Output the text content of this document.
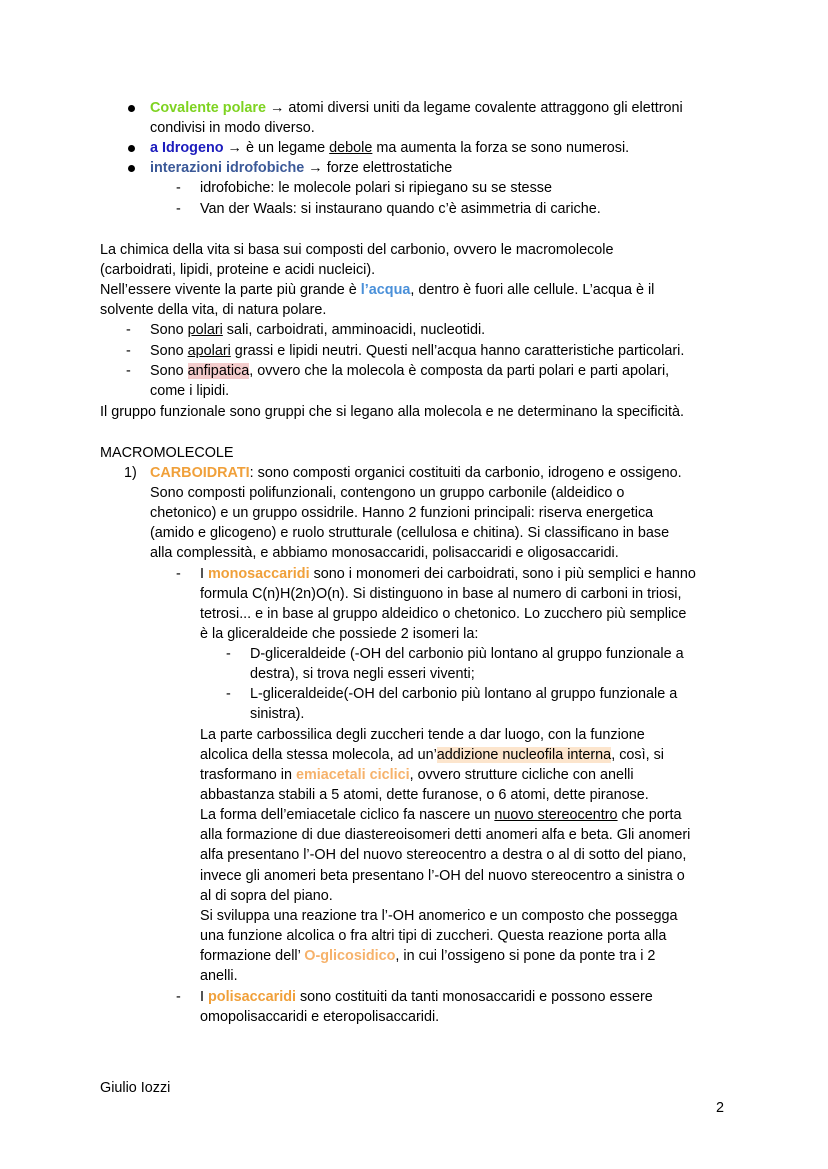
Covalente polare → atomi diversi uniti da legame covalente attraggono gli elettroni
condivisi in modo diverso.
a Idrogeno → è un legame debole ma aumenta la forza se sono numerosi.
interazioni idrofobiche → forze elettrostatiche
- idrofobiche: le molecole polari si ripiegano su se stesse
- Van der Waals: si instaurano quando c’è asimmetria di cariche.
La chimica della vita si basa sui composti del carbonio, ovvero le macromolecole
(carboidrati, lipidi, proteine e acidi nucleici).
Nell’essere vivente la parte più grande è l’acqua, dentro è fuori alle cellule. L’acqua è il
solvente della vita, di natura polare.
- Sono polari sali, carboidrati, amminoacidi, nucleotidi.
- Sono apolari grassi e lipidi neutri. Questi nell’acqua hanno caratteristiche particolari.
- Sono anfipatica, ovvero che la molecola è composta da parti polari e parti apolari,
come i lipidi.
Il gruppo funzionale sono gruppi che si legano alla molecola e ne determinano la specificità.
MACROMOLECOLE
1) CARBOIDRATI: sono composti organici costituiti da carbonio, idrogeno e ossigeno.
Sono composti polifunzionali, contengono un gruppo carbonile (aldeidico o
chetonico) e un gruppo ossidrile. Hanno 2 funzioni principali: riserva energetica
(amido e glicogeno) e ruolo strutturale (cellulosa e chitina). Si classificano in base
alla complessità, e abbiamo monosaccaridi, polisaccaridi e oligosaccaridi.
- I monosaccaridi sono i monomeri dei carboidrati, sono i più semplici e hanno
formula C(n)H(2n)O(n). Si distinguono in base al numero di carboni in triosi,
tetrosi... e in base al gruppo aldeidico o chetonico. Lo zucchero più semplice
è la gliceraldeide che possiede 2 isomeri la:
- D-gliceraldeide (-OH del carbonio più lontano al gruppo funzionale a
destra), si trova negli esseri viventi;
- L-gliceraldeide(-OH del carbonio più lontano al gruppo funzionale a
sinistra).
La parte carbossilica degli zuccheri tende a dar luogo, con la funzione
alcolica della stessa molecola, ad un’addizione nucleofila interna, così, si
trasformano in emiacetali ciclici, ovvero strutture cicliche con anelli
abbastanza stabili a 5 atomi, dette furanose, o 6 atomi, dette piranose.
La forma dell’emiacetale ciclico fa nascere un nuovo stereocentro che porta
alla formazione di due diastereoisomeri detti anomeri alfa e beta. Gli anomeri
alfa presentano l’-OH del nuovo stereocentro a destra o al di sotto del piano,
invece gli anomeri beta presentano l’-OH del nuovo stereocentro a sinistra o
al di sopra del piano.
Si sviluppa una reazione tra l’-OH anomerico e un composto che possegga
una funzione alcolica o fra altri tipi di zuccheri. Questa reazione porta alla
formazione dell’ O-glicosidico, in cui l’ossigeno si pone da ponte tra i 2
anelli.
- I polisaccaridi sono costituiti da tanti monosaccaridi e possono essere
omopolisaccaridi e eteropolisaccaridi.
Giulio Iozzi
2
